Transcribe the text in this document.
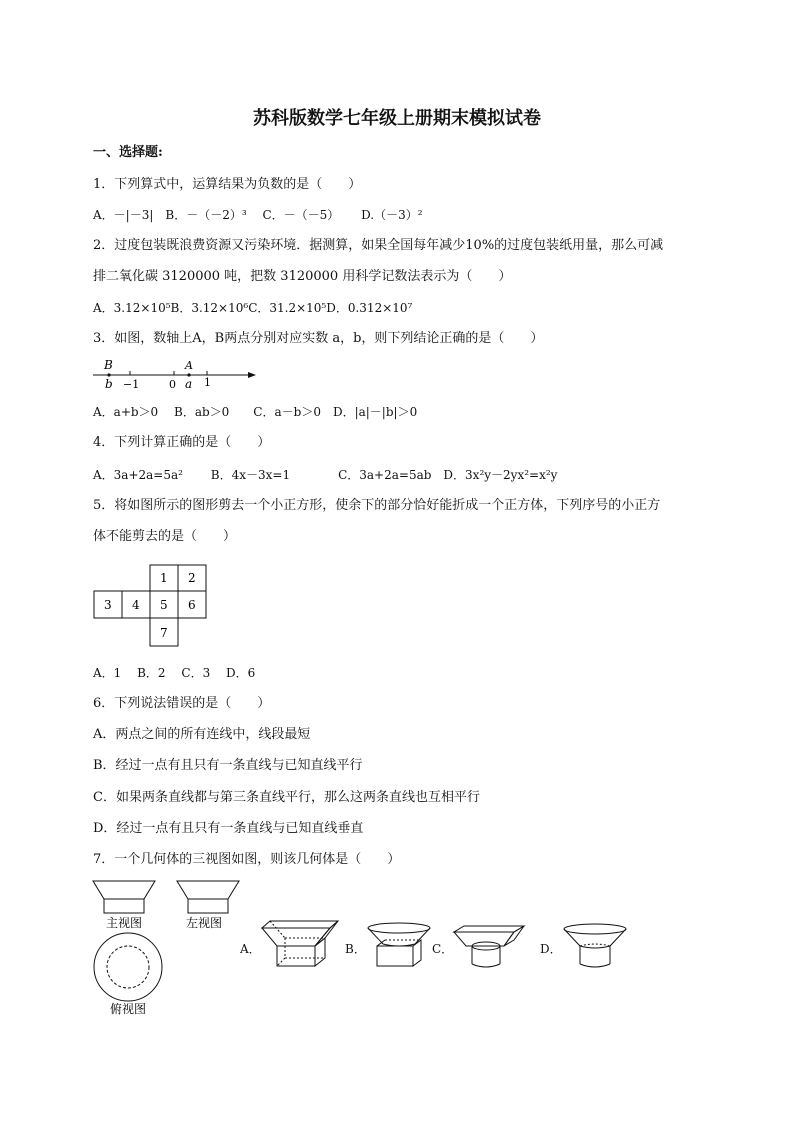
苏科版数学七年级上册期末模拟试卷
一、选择题:
1．下列算式中，运算结果为负数的是（　　）
A．－|－3|　B．－（－2）³　 C．－（－5）　　 D.（－3）²
2．过度包装既浪费资源又污染环境．据测算，如果全国每年减少10%的过度包装纸用量，那么可减
排二氧化碳 3120000 吨，把数 3120000 用科学记数法表示为（　　）
A．3.12×10⁵B．3.12×10⁶C．31.2×10⁵D．0.312×10⁷
3．如图，数轴上A，B两点分别对应实数 a，b，则下列结论正确的是（　　）
B
b −1	0
A
a 1
A．a+b＞0　 B．ab＞0　　C．a－b＞0　D．|a|－|b|＞0
4．下列计算正确的是（　　）
A．3a+2a=5a²　　 B．4x－3x=1　　　　C．3a+2a=5ab　D．3x²y－2yx²=x²y
5．将如图所示的图形剪去一个小正方形，使余下的部分恰好能折成一个正方体，下列序号的小正方
体不能剪去的是（　　）
1 2
3 4 5 6
7
A．1　 B．2　 C．3　 D．6
6．下列说法错误的是（　　）
A．两点之间的所有连线中，线段最短
B．经过一点有且只有一条直线与已知直线平行
C．如果两条直线都与第三条直线平行，那么这两条直线也互相平行
D．经过一点有且只有一条直线与已知直线垂直
7．一个几何体的三视图如图，则该几何体是（　　）
主视图	左视图
俯视图
A．	B．	C．	D．
